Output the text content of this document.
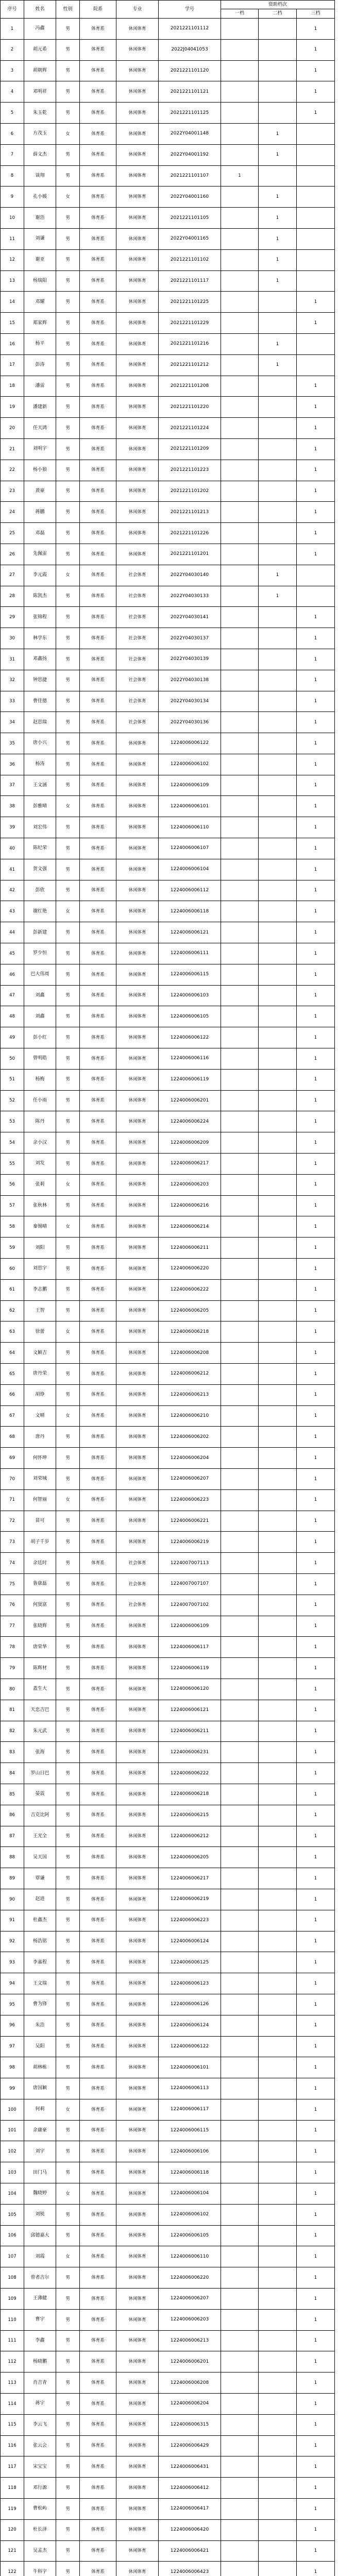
序号	姓名	性别	院系	专业	学号	资助档次		
						一档	二档	三档
1	冯鑫	男	体育系	休闲体育	2021221101112			1
2	胡元希	男	体育系	休闲体育	2022J04041053			1
3	胡朝辉	男	体育系	休闲体育	2021221101120			1
4	邓明祥	男	体育系	休闲体育	2021221101121			1
5	朱玉乾	男	体育系	休闲体育	2021221101125			1
6	方茂玉	女	体育系	休闲体育	2022Y04001148		1	
7	薛文杰	男	体育系	休闲体育	2022Y04001192		1	
8	谈翔	男	体育系	休闲体育	2021221101107	1		
9	孔小媛	女	体育系	休闲体育	2022Y04001160		1	
10	谢浩	男	体育系	休闲体育	2021221101105		1	
11	刘谦	男	体育系	休闲体育	2022Y04001165		1	
12	谢亚	男	体育系	休闲体育	2021221101102		1	
13	杨瑞阳	男	体育系	休闲体育	2021221101117		1	
14	邓耀	男	体育系	休闲体育	2021221101225			1
15	郑家辉	男	体育系	休闲体育	2021221101229			1
16	杨平	男	体育系	休闲体育	2021221101216		1	
17	彭涛	男	体育系	休闲体育	2021221101212		1	
18	潘雷	男	体育系	休闲体育	2021221101208			1
19	潘建新	男	体育系	休闲体育	2021221101220			1
20	任天鸿	男	体育系	休闲体育	2021221101224			1
21	刘明宇	男	体育系	休闲体育	2021221101209			1
22	杨小狼	男	体育系	休闲体育	2021221101223			1
23	黄豪	男	体育系	休闲体育	2021221101202			1
24	蒋鹏	男	体育系	休闲体育	2021221101213			1
25	邓磊	男	体育系	休闲体育	2021221101226			1
26	先佩雷	男	体育系	休闲体育	2021221101201			1
27	李元霞	女	体育系	社会体育	2022Y04030140		1	
28	陈凯杰	男	体育系	社会体育	2022Y04030133		1	
29	张锦程	男	体育系	社会体育	2022Y04030141			1
30	林学东	男	体育系	社会体育	2022Y04030137			1
31	邓鑫扬	男	体育系	社会体育	2022Y04030139			1
32	钟思捷	男	体育系	社会体育	2022Y04030138			1
33	曹佳德	男	体育系	社会体育	2022Y04030134			1
34	赵思瑞	男	体育系	社会体育	2022Y04030136			1
35	唐小兴	男	体育系	休闲体育	1224006006122			1
36	杨涛	男	体育系	休闲体育	1224006006102			1
37	王文涵	男	体育系	休闲体育	1224006006109			1
38	彭雅晴	女	体育系	休闲体育	1224006006101			1
39	刘宏伟	男	体育系	休闲体育	1224006006110			1
40	陈纪荣	男	体育系	休闲体育	1224006006107			1
41	贺文强	男	体育系	休闲体育	1224006006104			1
42	彭欣	男	体育系	休闲体育	1224006006112			1
43	谢红艳	女	体育系	休闲体育	1224006006118			1
44	彭新建	男	体育系	休闲体育	1224006006121			1
45	罗少恒	男	体育系	休闲体育	1224006006111			1
46	巴大伟周	男	体育系	休闲体育	1224006006115			1
47	刘鑫	男	体育系	休闲体育	1224006006103			1
48	刘鑫	男	体育系	休闲体育	1224006006105			1
49	彭小红	男	体育系	休闲体育	1224006006122			1
50	曾明皓	男	体育系	休闲体育	1224006006116			1
51	杨梅	男	体育系	休闲体育	1224006006119			1
52	任小雨	男	体育系	休闲体育	1224006006201			1
53	陈丹	男	体育系	休闲体育	1224006006224			1
54	余小汉	男	体育系	休闲体育	1224006006209			1
55	刘发	男	体育系	休闲体育	1224006006217			1
56	张莉	女	体育系	休闲体育	1224006006203			1
57	张秋林	男	体育系	休闲体育	1224006006216			1
58	秦锡晴	女	体育系	休闲体育	1224006006214			1
59	刘阳	男	体育系	休闲体育	1224006006211			1
60	刘思宇	男	体育系	休闲体育	1224006006220			1
61	李志鹏	男	体育系	休闲体育	1224006006222			1
62	王智	男	体育系	休闲体育	1224006006205			1
63	徐蕾	女	体育系	休闲体育	1224006006218			1
64	文颖吉	男	体育系	休闲体育	1224006006208			1
65	唐丹荣	男	体育系	休闲体育	1224006006212			1
66	胡铮	男	体育系	休闲体育	1224006006213			1
67	文晴	女	体育系	休闲体育	1224006006210			1
68	唐丹	男	体育系	休闲体育	1224006006202			1
69	何怀坤	男	体育系	休闲体育	1224006006204			1
70	刘荣城	男	体育系	休闲体育	1224006006207			1
71	何智丽	女	体育系	休闲体育	1224006006223			1
72	苗可	男	体育系	休闲体育	1224006006221			1
73	胡子千岁	男	体育系	休闲体育	1224006006219			1
74	余廷时	男	体育系	社会体育	1224007007113			1
75	鲁康磊	男	体育系	社会体育	1224007007107			1
76	何贤富	男	体育系	社会体育	1224007007102			1
77	张晓辉	男	体育系	休闲体育	1224006006109			1
78	唐荣华	男	体育系	休闲体育	1224006006117			1
79	陈辉材	男	体育系	休闲体育	1224006006119			1
80	蓋生大	男	体育系	休闲体育	1224006006120			1
81	天忠吉巴	男	体育系	休闲体育	1224006006121			1
82	朱元武	男	体育系	休闲体育	1224006006211			1
83	张海	男	体育系	休闲体育	1224006006231			1
84	罗山日巴	男	体育系	休闲体育	1224006006222			1
85	晏震	男	体育系	休闲体育	1224006006218			1
86	吉克比阿	男	体育系	休闲体育	1224006006215			1
87	王光全	男	体育系	休闲体育	1224006006212			1
88	吴天国	男	体育系	休闲体育	1224006006205			1
89	覃谦	男	体育系	休闲体育	1224006006217			1
90	赵进	男	体育系	休闲体育	1224006006219			1
91	杜鑫杰	男	体育系	休闲体育	1224006006223			1
92	杨浩铭	男	体育系	休闲体育	1224006006124			1
93	李嘉程	男	体育系	休闲体育	1224006006125			1
94	王文瑞	男	体育系	休闲体育	1224006006123			1
95	曹为锋	男	体育系	休闲体育	1224006006126			1
96	朱浩	男	体育系	休闲体育	1224006006124			1
97	吴阳	男	体育系	休闲体育	1224006006122			1
98	胡林栋	男	体育系	休闲体育	1224006006101			1
99	唐国颖	男	体育系	休闲体育	1224006006113			1
100	何莉	女	体育系	休闲体育	1224006006117			1
101	余庸豪	男	体育系	休闲体育	1224006006115			1
102	刘宇	男	体育系	休闲体育	1224006006106			1
103	田门马	男	体育系	休闲体育	1224006006118			1
104	魏晓婷	女	体育系	休闲体育	1224006006104			1
105	刘锐	男	体育系	休闲体育	1224006006102			1
106	邱德嘉大	男	体育系	休闲体育	1224006006105			1
107	刘霞	女	体育系	休闲体育	1224006006110			1
108	曾者吉尔	男	体育系	休闲体育	1224006006220			1
109	王薄健	男	体育系	休闲体育	1224006006207			1
110	曹宇	男	体育系	休闲体育	1224006006203			1
111	李鑫	男	体育系	休闲体育	1224006006213			1
112	杨晓鹏	男	体育系	休闲体育	1224006006201			1
113	肖吉青	男	体育系	休闲体育	1224006006208			1
114	蒋宇	男	体育系	休闲体育	1224006006204			1
115	李云飞	男	体育系	休闲体育	1224006006315			1
116	张云会	男	体育系	休闲体育	1224006006429			1
117	宋宝宝	男	体育系	休闲体育	1224006006431			1
118	邓行源	男	体育系	休闲体育	1224006006412			1
119	曹松屿	男	体育系	休闲体育	1224006006417			1
120	杜长泽	男	体育系	休闲体育	1224006006420			1
121	吴孟杰	男	体育系	休闲体育	1224006006421			1
122	牛科宇	男	体育系	休闲体育	1224006006423			1
